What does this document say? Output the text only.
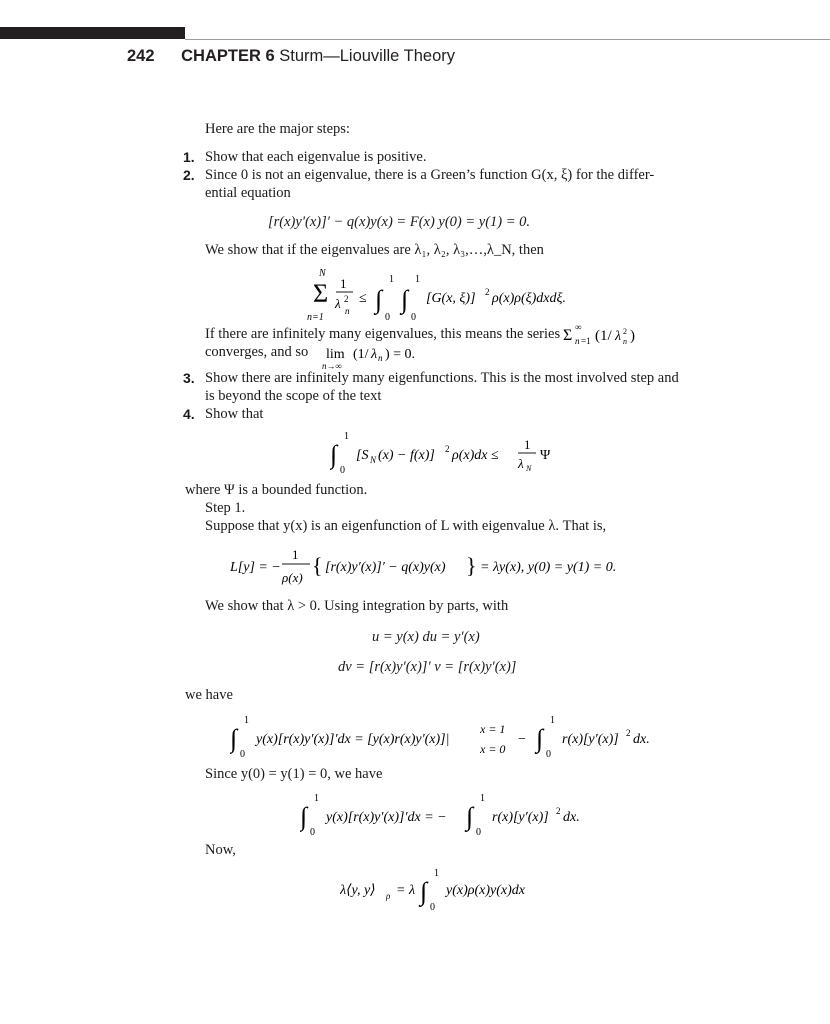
242 CHAPTER 6 Sturm—Liouville Theory
Here are the major steps:
1. Show that each eigenvalue is positive.
2. Since 0 is not an eigenvalue, there is a Green’s function G(x, ξ) for the differ-
ential equation
[r(x)y′(x)]′ − q(x)y(x) = F(x) y(0) = y(1) = 0.
We show that if the eigenvalues are λ₁, λ₂, λ₃,…,λ_N, then
N
Σ
n=1
1
λ 2
n
≤ ∫
1
0
∫
1
0
[G(x, ξ)] 2 ρ(x)ρ(ξ)dxdξ.
If there are infinitely many eigenvalues, this means the series Σ ∞
n =1 (1/ λ 2
n )
converges, and so lim
n→∞
(1/ λ n ) = 0.
3. Show there are infinitely many eigenfunctions. This is the most involved step and
is beyond the scope of the text
4. Show that
∫
1
0
[S N (x) − f(x)] 2 ρ(x)dx ≤
1
λ N
Ψ
where Ψ is a bounded function.
Step 1.
Suppose that y(x) is an eigenfunction of L with eigenvalue λ. That is,
L[y] = −
1
ρ(x) { [r(x)y′(x)]′ − q(x)y(x) } = λy(x), y(0) = y(1) = 0.
We show that λ > 0. Using integration by parts, with
u = y(x) du = y′(x)
dv = [r(x)y′(x)]′ v = [r(x)y′(x)]
we have
∫
1
0
y(x)[r(x)y′(x)]′dx = [y(x)r(x)y′(x)]|
x = 1
x = 0
− ∫
1
0
r(x)[y′(x)] 2 dx.
Since y(0) = y(1) = 0, we have
∫
1
0
y(x)[r(x)y′(x)]′dx = − ∫
1
0
r(x)[y′(x)] 2 dx.
Now,
λ⟨y, y⟩ ρ = λ ∫
1
0
y(x)ρ(x)y(x)dx
